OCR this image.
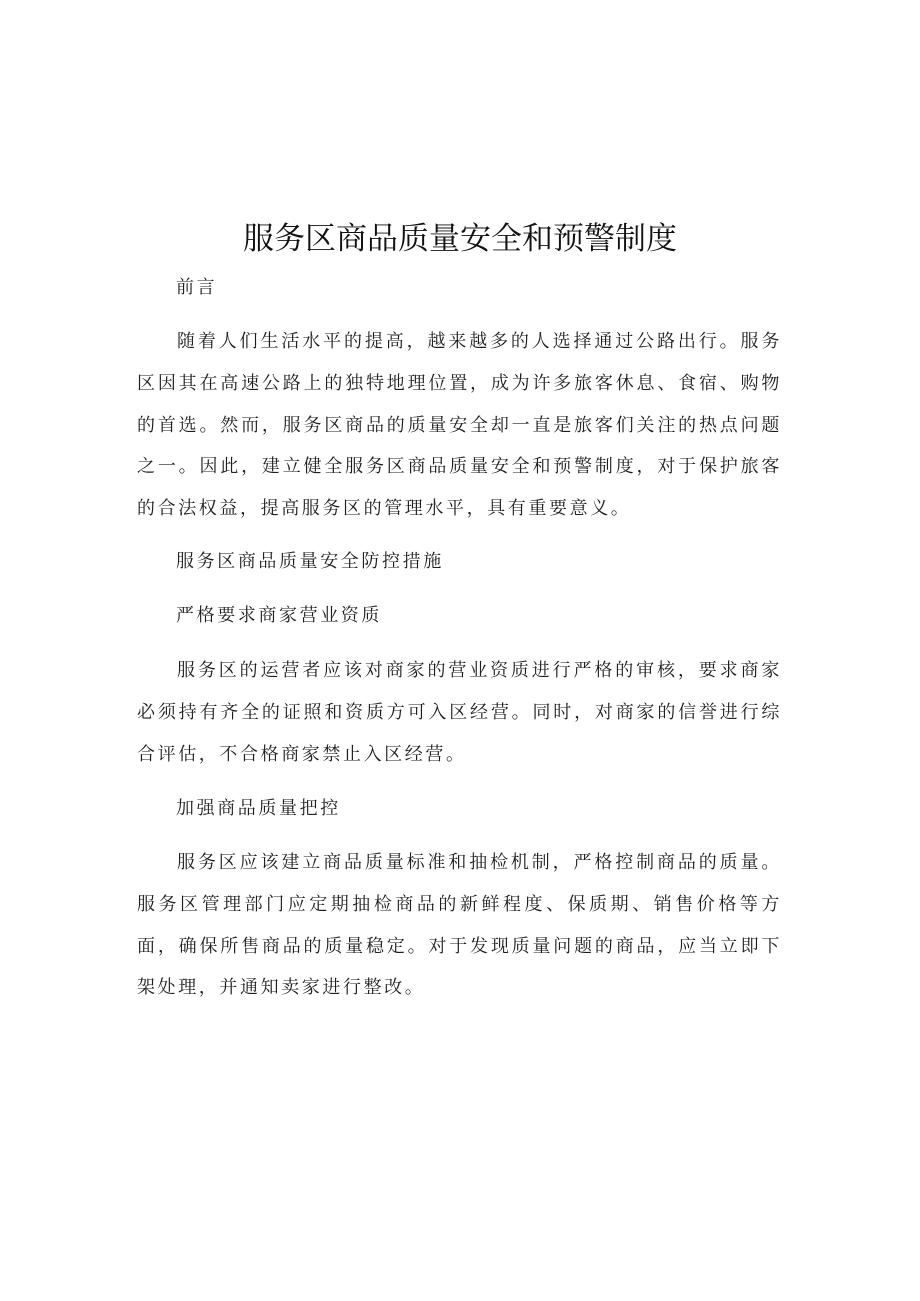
服务区商品质量安全和预警制度

前言

随着人们生活水平的提高，越来越多的人选择通过公路出行。服务区因其在高速公路上的独特地理位置，成为许多旅客休息、食宿、购物的首选。然而，服务区商品的质量安全却一直是旅客们关注的热点问题之一。因此，建立健全服务区商品质量安全和预警制度，对于保护旅客的合法权益，提高服务区的管理水平，具有重要意义。

服务区商品质量安全防控措施

严格要求商家营业资质

服务区的运营者应该对商家的营业资质进行严格的审核，要求商家必须持有齐全的证照和资质方可入区经营。同时，对商家的信誉进行综合评估，不合格商家禁止入区经营。

加强商品质量把控

服务区应该建立商品质量标准和抽检机制，严格控制商品的质量。服务区管理部门应定期抽检商品的新鲜程度、保质期、销售价格等方面，确保所售商品的质量稳定。对于发现质量问题的商品，应当立即下架处理，并通知卖家进行整改。
